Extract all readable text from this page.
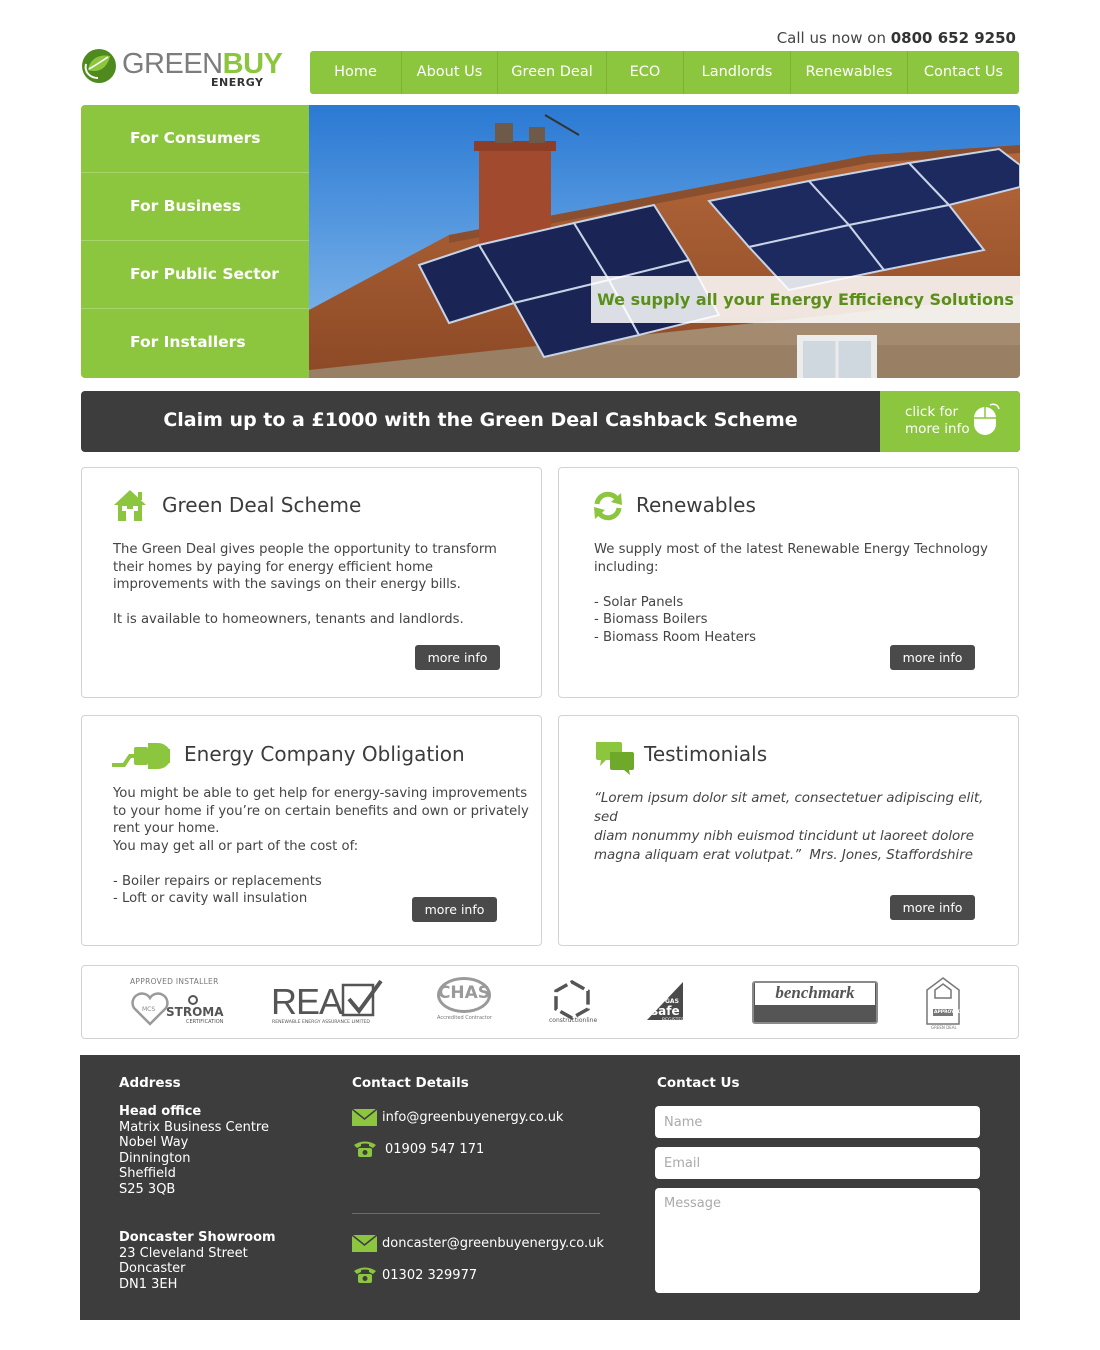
Call us now on 0800 652 9250
GREENBUY
ENERGY
Home	About Us	Green Deal	ECO	Landlords	Renewables	Contact Us
For Consumers
For Business
For Public Sector
For Installers
We supply all your Energy Efficiency Solutions
Claim up to a £1000 with the Green Deal Cashback Scheme	click for
more info
Green Deal Scheme
The Green Deal gives people the opportunity to transform
their homes by paying for energy efficient home
improvements with the savings on their energy bills.
It is available to homeowners, tenants and landlords.
more info
Renewables
We supply most of the latest Renewable Energy Technology
including:
- Solar Panels
- Biomass Boilers
- Biomass Room Heaters
more info
Energy Company Obligation
You might be able to get help for energy-saving improvements
to your home if you’re on certain benefits and own or privately
rent your home.
You may get all or part of the cost of:
- Boiler repairs or replacements
- Loft or cavity wall insulation
more info
Testimonials
“Lorem ipsum dolor sit amet, consectetuer adipiscing elit, sed
diam nonummy nibh euismod tincidunt ut laoreet dolore
magna aliquam erat volutpat.” Mrs. Jones, Staffordshire
more info
APPROVED INSTALLER
MCS STROMA
CERTIFICATION REA
RENEWABLE ENERGY ASSURANCE LIMITED
CHAS
Accredited Contractor	constructionline
GAS
safe
REGISTER
benchmark
GREEN DEAL
APPROVED
Address	Contact Details	Contact Us
Head office
Matrix Business Centre
Nobel Way
Dinnington
Sheffield
S25 3QB
info@greenbuyenergy.co.uk
01909 547 171
Doncaster Showroom
23 Cleveland Street
Doncaster
DN1 3EH
doncaster@greenbuyenergy.co.uk
01302 329977
Name
Email
Message
